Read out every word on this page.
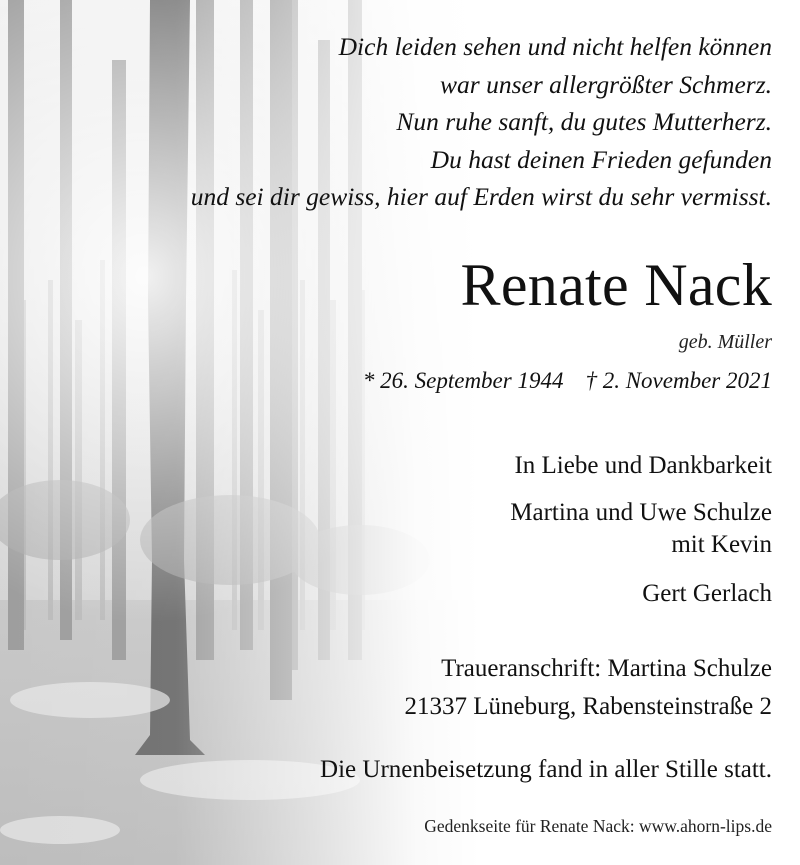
Dich leiden sehen und nicht helfen können
war unser allergrößter Schmerz.
Nun ruhe sanft, du gutes Mutterherz.
Du hast deinen Frieden gefunden
und sei dir gewiss, hier auf Erden wirst du sehr vermisst.
Renate Nack
geb. Müller
* 26. September 1944 † 2. November 2021
In Liebe und Dankbarkeit
Martina und Uwe Schulze
mit Kevin
Gert Gerlach
Traueranschrift: Martina Schulze
21337 Lüneburg, Rabensteinstraße 2
Die Urnenbeisetzung fand in aller Stille statt.
Gedenkseite für Renate Nack: www.ahorn-lips.de
